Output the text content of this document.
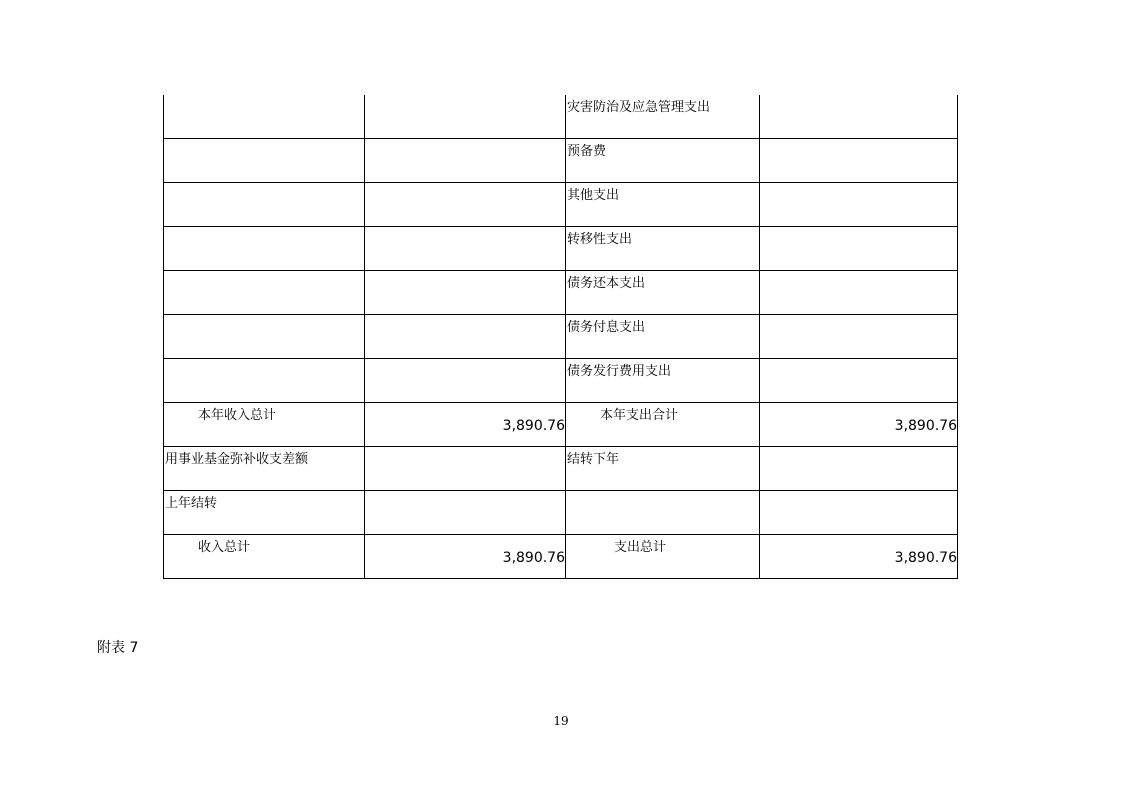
		灾害防治及应急管理支出	

		预备费	

		其他支出	

		转移性支出	

		债务还本支出	

		债务付息支出	

		债务发行费用支出	

本年收入总计	3,890.76	本年支出合计	3,890.76

用事业基金弥补收支差额		结转下年	

上年结转			

收入总计	3,890.76	支出总计	3,890.76
附表 7
19
